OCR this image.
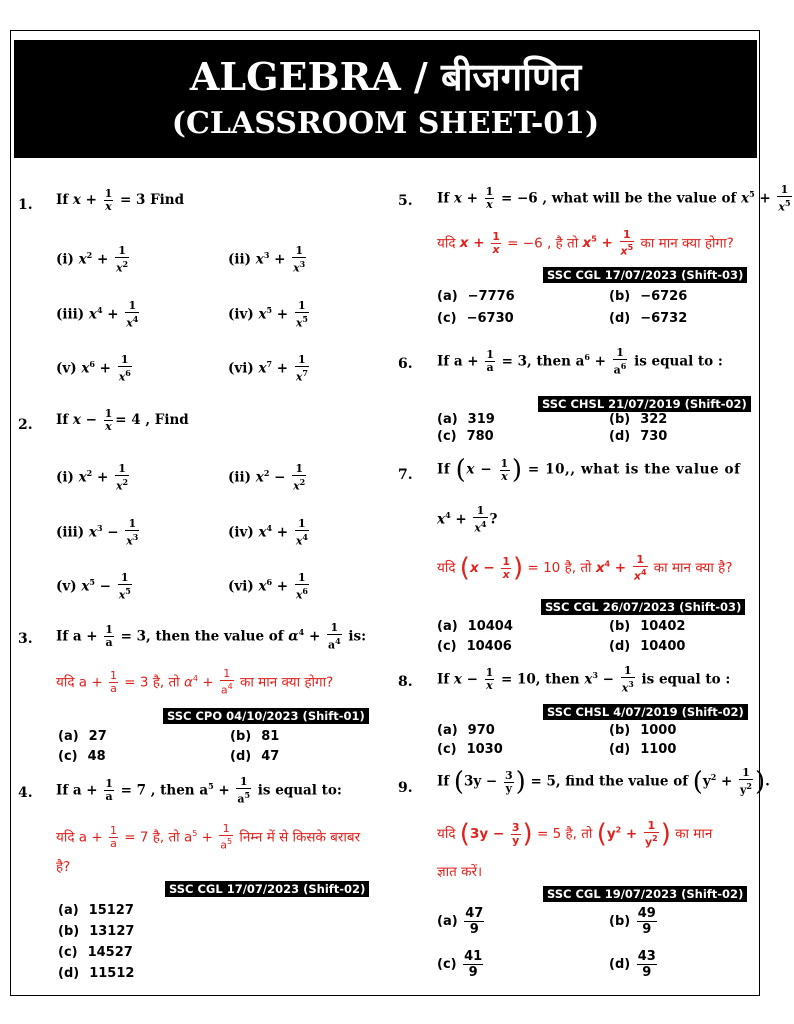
ALGEBRA / बीजगणित
(CLASSROOM SHEET-01)
1. If $x + \frac{1}{x} = 3$ Find
(i) $x^2 + \frac{1}{x^2}$	(ii) $x^3 + \frac{1}{x^3}$
(iii) $x^4 + \frac{1}{x^4}$	(iv) $x^5 + \frac{1}{x^5}$
(v) $x^6 + \frac{1}{x^6}$	(vi) $x^7 + \frac{1}{x^7}$
2. If $x - \frac{1}{x} = 4$ , Find
(i) $x^2 + \frac{1}{x^2}$	(ii) $x^2 - \frac{1}{x^2}$
(iii) $x^3 - \frac{1}{x^3}$	(iv) $x^4 + \frac{1}{x^4}$
(v) $x^5 - \frac{1}{x^5}$	(vi) $x^6 + \frac{1}{x^6}$
3. If $a + \frac{1}{a} = 3$, then the value of $\alpha^4 + \frac{1}{a^4}$ is:
यदि $a + \frac{1}{a} = 3$ है, तो $\alpha^4 + \frac{1}{a^4}$ का मान क्या होगा?
SSC CPO 04/10/2023 (Shift-01)
(a) 27	(b) 81
(c) 48	(d) 47
4. If $a + \frac{1}{a} = 7$ , then $a^5 + \frac{1}{a^5}$ is equal to:
यदि $a + \frac{1}{a} = 7$ है, तो $a^5 + \frac{1}{a^5}$ निम्न में से किसके बराबर
है?
SSC CGL 17/07/2023 (Shift-02)
(a) 15127
(b) 13127
(c) 14527
(d) 11512
5. If $x + \frac{1}{x} = -6$ , what will be the value of $x^5 + \frac{1}{x^5}$
यदि $x + \frac{1}{x} = -6$ , है तो $x^5 + \frac{1}{x^5}$ का मान क्या होगा?
SSC CGL 17/07/2023 (Shift-03)
(a) −7776	(b) −6726
(c) −6730	(d) −6732
6. If $a + \frac{1}{a} = 3$, then $a^6 + \frac{1}{a^6}$ is equal to :
SSC CHSL 21/07/2019 (Shift-02)
(a) 319	(b) 322
(c) 780	(d) 730
7. If ($x - \frac{1}{x}$ ) = 10,, what is the value of
$x^4 + \frac{1}{x^4}$ ?
यदि ($x - \frac{1}{x}$ ) = 10 है, तो $x^4 + \frac{1}{x^4}$ का मान क्या है?
SSC CGL 26/07/2023 (Shift-03)
(a) 10404	(b) 10402
(c) 10406	(d) 10400
8. If $x - \frac{1}{x} = 10$, then $x^3 - \frac{1}{x^3}$ is equal to :
SSC CHSL 4/07/2019 (Shift-02)
(a) 970	(b) 1000
(c) 1030	(d) 1100
9. If ($3y - \frac{3}{y}$ ) = 5, find the value of ($y^2 + \frac{1}{y^2}$ ).
यदि ($3y - \frac{3}{y}$ ) = 5 है, तो ($y^2 + \frac{1}{y^2}$ ) का मान
ज्ञात करें।
SSC CGL 19/07/2023 (Shift-02)
$(a) \frac{47}{9}$	$(b) \frac{49}{9}$
$(c) \frac{41}{9}$	$(d) \frac{43}{9}$
